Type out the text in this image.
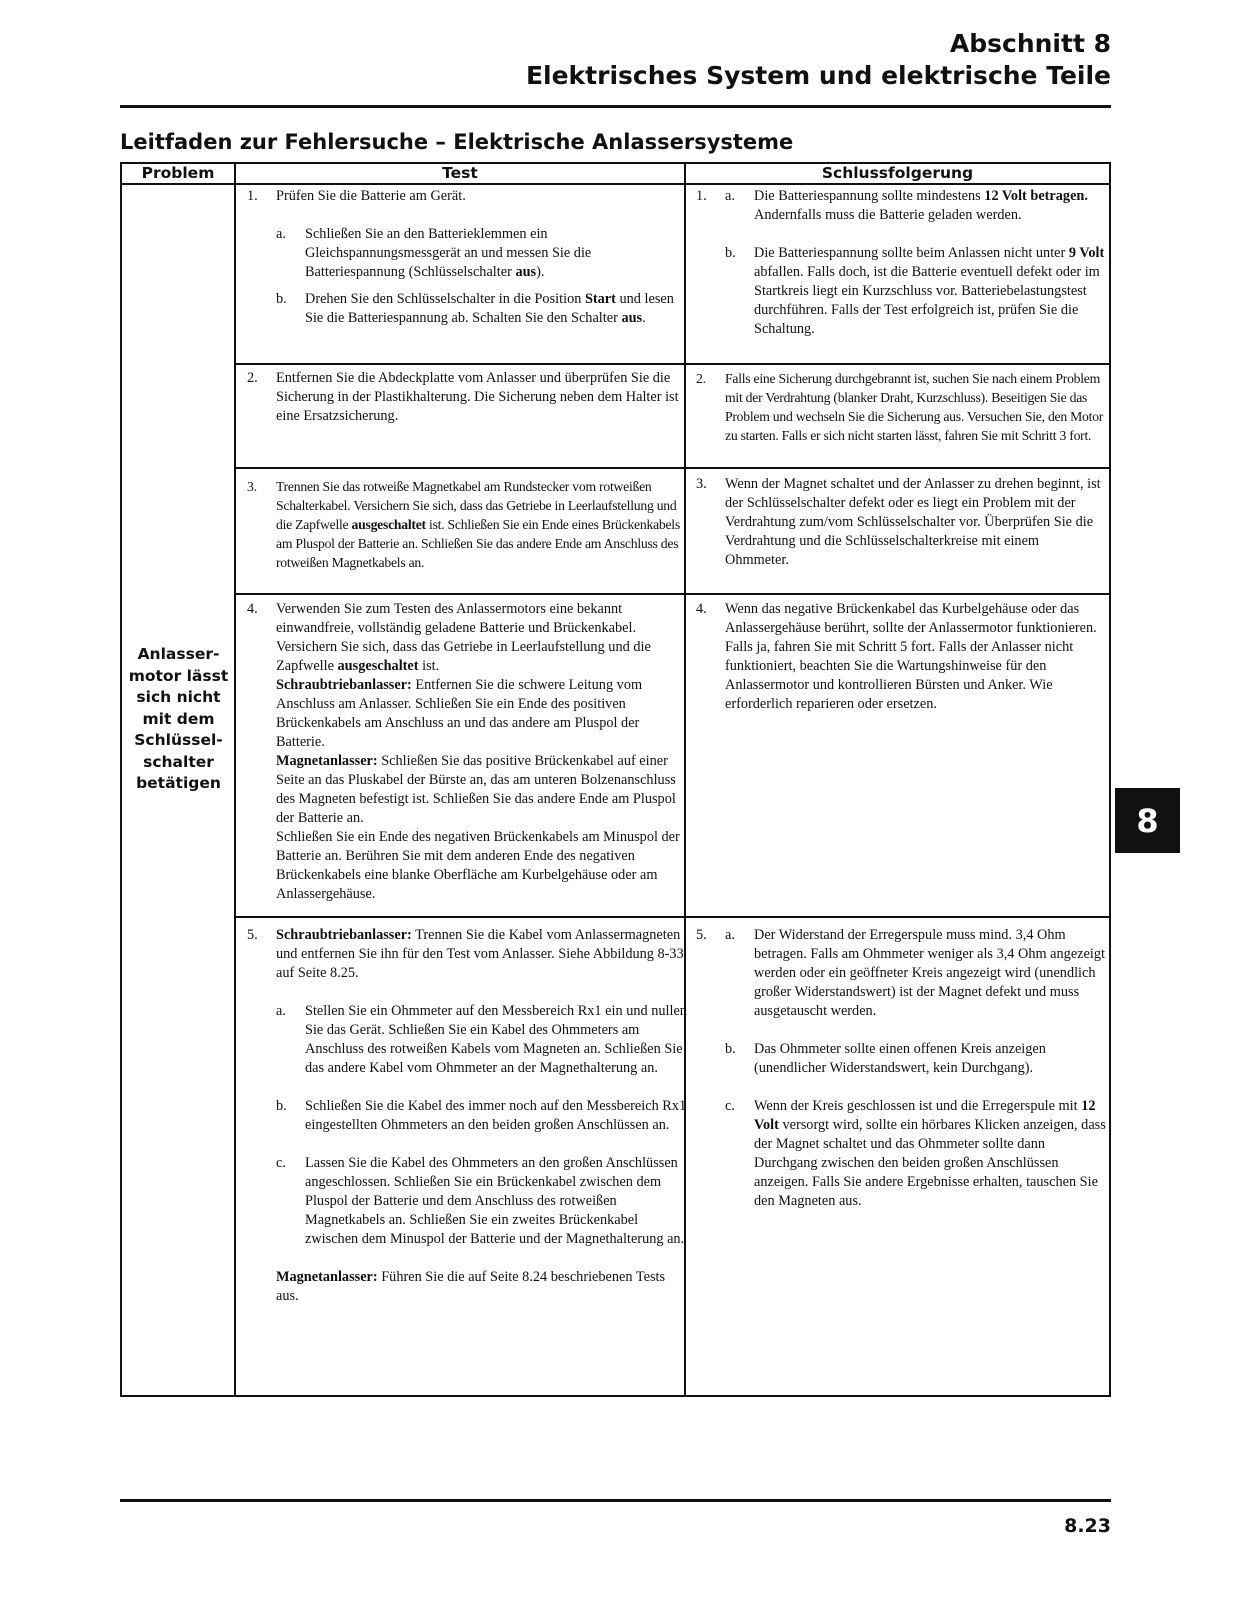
Abschnitt 8
Elektrisches System und elektrische Teile
Leitfaden zur Fehlersuche – Elektrische Anlassersysteme
Problem	Test	Schlussfolgerung
Anlasser-
motor lässt
sich nicht
mit dem
Schlüssel-
schalter
betätigen
1. Prüfen Sie die Batterie am Gerät.

a. Schließen Sie an den Batterieklemmen ein Gleichspannungsmessgerät an und messen Sie die Batteriespannung (Schlüsselschalter aus).

b. Drehen Sie den Schlüsselschalter in die Position Start und lesen Sie die Batteriespannung ab. Schalten Sie den Schalter aus.

1. a. Die Batteriespannung sollte mindestens 12 Volt betragen.
Andernfalls muss die Batterie geladen werden.

b. Die Batteriespannung sollte beim Anlassen nicht unter 9 Volt abfallen. Falls doch, ist die Batterie eventuell defekt oder im Startkreis liegt ein Kurzschluss vor. Batteriebelastungstest durchführen. Falls der Test erfolgreich ist, prüfen Sie die Schaltung.

2. Entfernen Sie die Abdeckplatte vom Anlasser und überprüfen Sie die Sicherung in der Plastikhalterung. Die Sicherung neben dem Halter ist eine Ersatzsicherung.

2. Falls eine Sicherung durchgebrannt ist, suchen Sie nach einem Problem mit der Verdrahtung (blanker Draht, Kurzschluss). Beseitigen Sie das Problem und wechseln Sie die Sicherung aus. Versuchen Sie, den Motor zu starten. Falls er sich nicht starten lässt, fahren Sie mit Schritt 3 fort.

3. Trennen Sie das rotweiße Magnetkabel am Rundstecker vom rotweißen Schalterkabel. Versichern Sie sich, dass das Getriebe in Leerlaufstellung und die Zapfwelle ausgeschaltet ist. Schließen Sie ein Ende eines Brückenkabels am Pluspol der Batterie an. Schließen Sie das andere Ende am Anschluss des rotweißen Magnetkabels an.

3. Wenn der Magnet schaltet und der Anlasser zu drehen beginnt, ist der Schlüsselschalter defekt oder es liegt ein Problem mit der Verdrahtung zum/vom Schlüsselschalter vor. Überprüfen Sie die Verdrahtung und die Schlüsselschalterkreise mit einem Ohmmeter.

4. Verwenden Sie zum Testen des Anlassermotors eine bekannt einwandfreie, vollständig geladene Batterie und Brückenkabel. Versichern Sie sich, dass das Getriebe in Leerlaufstellung und die Zapfwelle ausgeschaltet ist.

Schraubtriebanlasser: Entfernen Sie die schwere Leitung vom Anschluss am Anlasser. Schließen Sie ein Ende des positiven Brückenkabels am Anschluss an und das andere am Pluspol der Batterie.

Magnetanlasser: Schließen Sie das positive Brückenkabel auf einer Seite an das Pluskabel der Bürste an, das am unteren Bolzenanschluss des Magneten befestigt ist. Schließen Sie das andere Ende am Pluspol der Batterie an.

Schließen Sie ein Ende des negativen Brückenkabels am Minuspol der Batterie an. Berühren Sie mit dem anderen Ende des negativen Brückenkabels eine blanke Oberfläche am Kurbelgehäuse oder am Anlassergehäuse.

4. Wenn das negative Brückenkabel das Kurbelgehäuse oder das Anlassergehäuse berührt, sollte der Anlassermotor funktionieren. Falls ja, fahren Sie mit Schritt 5 fort. Falls der Anlasser nicht funktioniert, beachten Sie die Wartungshinweise für den Anlassermotor und kontrollieren Bürsten und Anker. Wie erforderlich reparieren oder ersetzen.

5. Schraubtriebanlasser: Trennen Sie die Kabel vom Anlassermagneten und entfernen Sie ihn für den Test vom Anlasser. Siehe Abbildung 8-33 auf Seite 8.25.

a. Stellen Sie ein Ohmmeter auf den Messbereich Rx1 ein und nullen Sie das Gerät. Schließen Sie ein Kabel des Ohmmeters am Anschluss des rotweißen Kabels vom Magneten an. Schließen Sie das andere Kabel vom Ohmmeter an der Magnethalterung an.

b. Schließen Sie die Kabel des immer noch auf den Messbereich Rx1 eingestellten Ohmmeters an den beiden großen Anschlüssen an.

c. Lassen Sie die Kabel des Ohmmeters an den großen Anschlüssen angeschlossen. Schließen Sie ein Brückenkabel zwischen dem Pluspol der Batterie und dem Anschluss des rotweißen Magnetkabels an. Schließen Sie ein zweites Brückenkabel zwischen dem Minuspol der Batterie und der Magnethalterung an.

Magnetanlasser: Führen Sie die auf Seite 8.24 beschriebenen Tests aus.

5. a. Der Widerstand der Erregerspule muss mind. 3,4 Ohm betragen. Falls am Ohmmeter weniger als 3,4 Ohm angezeigt werden oder ein geöffneter Kreis angezeigt wird (unendlich großer Widerstandswert) ist der Magnet defekt und muss ausgetauscht werden.

b. Das Ohmmeter sollte einen offenen Kreis anzeigen (unendlicher Widerstandswert, kein Durchgang).

c. Wenn der Kreis geschlossen ist und die Erregerspule mit 12 Volt versorgt wird, sollte ein hörbares Klicken anzeigen, dass der Magnet schaltet und das Ohmmeter sollte dann Durchgang zwischen den beiden großen Anschlüssen anzeigen. Falls Sie andere Ergebnisse erhalten, tauschen Sie den Magneten aus.

8
8.23
